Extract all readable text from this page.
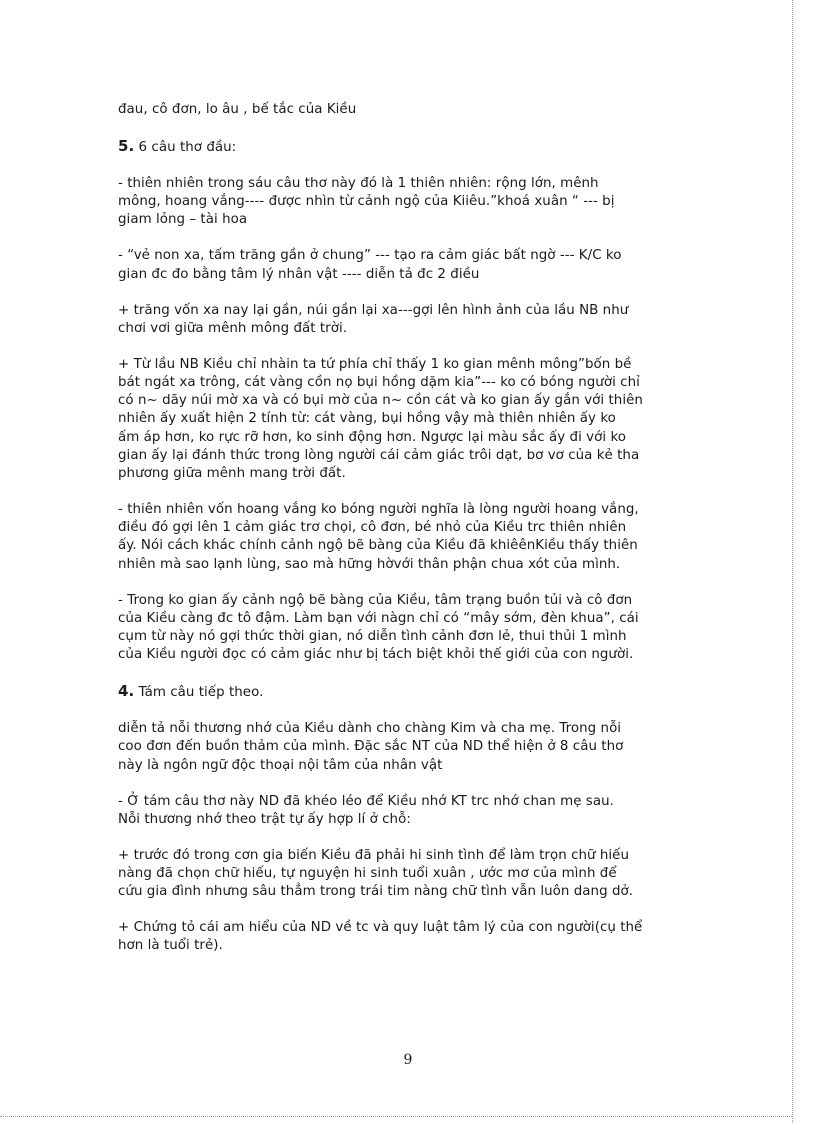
đau, cô đơn, lo âu , bế tắc của Kiều

5. 6 câu thơ đầu:

- thiên nhiên trong sáu câu thơ này đó là 1 thiên nhiên: rộng lớn, mênh
mông, hoang vắng---- được nhìn từ cảnh ngộ của Kiiêu.”khoá xuân “ --- bị
giam lỏng – tài hoa

- “vẻ non xa, tấm trăng gần ở chung” --- tạo ra cảm giác bất ngờ --- K/C ko
gian đc đo bằng tâm lý nhân vật ---- diễn tả đc 2 điều

+ trăng vốn xa nay lại gần, núi gần lại xa---gợi lên hình ảnh của lầu NB như
chơi vơi giữa mênh mông đất trời.

+ Từ lầu NB Kiều chỉ nhàin ta tứ phía chỉ thấy 1 ko gian mênh mông”bốn bề
bát ngát xa trông, cát vàng cồn nọ bụi hồng dặm kia”--- ko có bóng người chỉ
có n~ dãy núi mờ xa và có bụi mờ của n~ cồn cát và ko gian ấy gắn với thiên
nhiên ấy xuất hiện 2 tính từ: cát vàng, bụi hồng vậy mà thiên nhiên ấy ko
ấm áp hơn, ko rực rỡ hơn, ko sinh động hơn. Ngược lại màu sắc ấy đi với ko
gian ấy lại đánh thức trong lòng người cái cảm giác trôi dạt, bơ vơ của kẻ tha
phương giữa mênh mang trời đất.

- thiên nhiên vốn hoang vắng ko bóng người nghĩa là lòng người hoang vắng,
điều đó gợi lên 1 cảm giác trơ chọi, cô đơn, bé nhỏ của Kiều trc thiên nhiên
ấy. Nói cách khác chính cảnh ngộ bẽ bàng của Kiều đã khiêênKiều thấy thiên
nhiên mà sao lạnh lùng, sao mà hững hờvới thân phận chua xót của mình.

- Trong ko gian ấy cảnh ngộ bẽ bàng của Kiều, tâm trạng buồn tủi và cô đơn
của Kiều càng đc tô đậm. Làm bạn với nàgn chỉ có “mây sớm, đèn khua”, cái
cụm từ này nó gợi thức thời gian, nó diễn tình cảnh đơn lẻ, thui thủi 1 mình
của Kiều người đọc có cảm giác như bị tách biệt khỏi thế giới của con người.

4. Tám câu tiếp theo.

diễn tả nỗi thương nhớ của Kiều dành cho chàng Kim và cha mẹ. Trong nỗi
coo đơn đến buồn thảm của mình. Đặc sắc NT của ND thể hiện ở 8 câu thơ
này là ngôn ngữ độc thoại nội tâm của nhân vật

- Ở tám câu thơ này ND đã khéo léo để Kiều nhớ KT trc nhớ chan mẹ sau.
Nỗi thương nhớ theo trật tự ấy hợp lí ở chỗ:

+ trước đó trong cơn gia biến Kiều đã phải hi sinh tình để làm trọn chữ hiếu
nàng đã chọn chữ hiếu, tự nguyện hi sinh tuổi xuân , ước mơ của mình để
cứu gia đình nhưng sâu thẳm trong trái tim nàng chữ tình vẫn luôn dang dở.

+ Chứng tỏ cái am hiểu của ND về tc và quy luật tâm lý của con người(cụ thể
hơn là tuổi trẻ).

9
